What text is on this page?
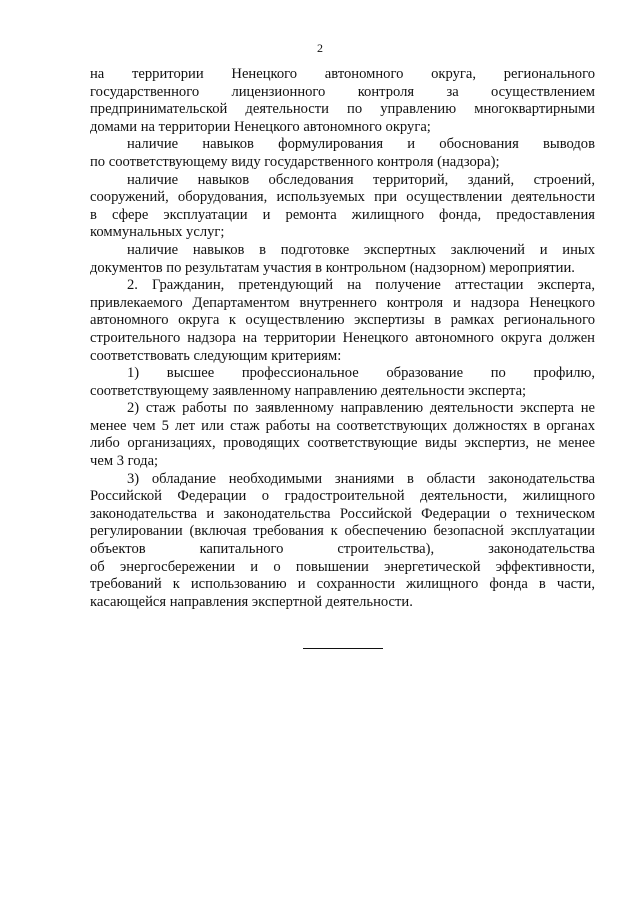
2
на территории Ненецкого автономного округа, регионального
государственного лицензионного контроля за осуществлением
предпринимательской деятельности по управлению многоквартирными
домами на территории Ненецкого автономного округа;
наличие навыков формулирования и обоснования выводов
по соответствующему виду государственного контроля (надзора);
наличие навыков обследования территорий, зданий, строений,
сооружений, оборудования, используемых при осуществлении деятельности
в сфере эксплуатации и ремонта жилищного фонда, предоставления
коммунальных услуг;
наличие навыков в подготовке экспертных заключений и иных
документов по результатам участия в контрольном (надзорном) мероприятии.
2. Гражданин, претендующий на получение аттестации эксперта,
привлекаемого Департаментом внутреннего контроля и надзора Ненецкого
автономного округа к осуществлению экспертизы в рамках регионального
строительного надзора на территории Ненецкого автономного округа должен
соответствовать следующим критериям:
1) высшее профессиональное образование по профилю,
соответствующему заявленному направлению деятельности эксперта;
2) стаж работы по заявленному направлению деятельности эксперта не
менее чем 5 лет или стаж работы на соответствующих должностях в органах
либо организациях, проводящих соответствующие виды экспертиз, не менее
чем 3 года;
3) обладание необходимыми знаниями в области законодательства
Российской Федерации о градостроительной деятельности, жилищного
законодательства и законодательства Российской Федерации о техническом
регулировании (включая требования к обеспечению безопасной эксплуатации
объектов капитального строительства), законодательства
об энергосбережении и о повышении энергетической эффективности,
требований к использованию и сохранности жилищного фонда в части,
касающейся направления экспертной деятельности.
